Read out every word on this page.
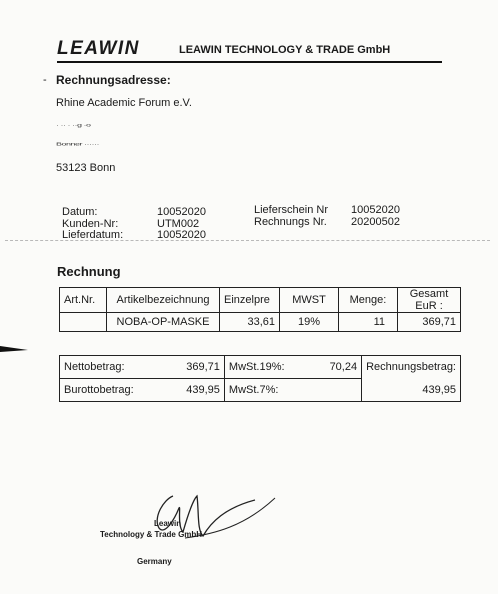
LEAWIN	LEAWIN TECHNOLOGY & TRADE GmbH
- Rechnungsadresse:
Rhine Academic Forum e.V.
· ·· · ··g ·o
Bonner ······
53123 Bonn
Datum:	10052020
Kunden-Nr:	UTM002
Lieferdatum:	10052020
Lieferschein Nr 10052020
Rechnungs Nr. 20200502
Rechnung
Art.Nr.	Artikelbezeichnung	Einzelpre	MWST	Menge:	Gesamt EuR :
	NOBA-OP-MASKE	33,61	19%	11	369,71
Nettobetrag:	369,71	MwSt.19%:	70,24	Rechnungsbetrag:
Burottobetrag:	439,95	MwSt.7%:		439,95
Leawin
Technology & Trade GmbH
Germany
